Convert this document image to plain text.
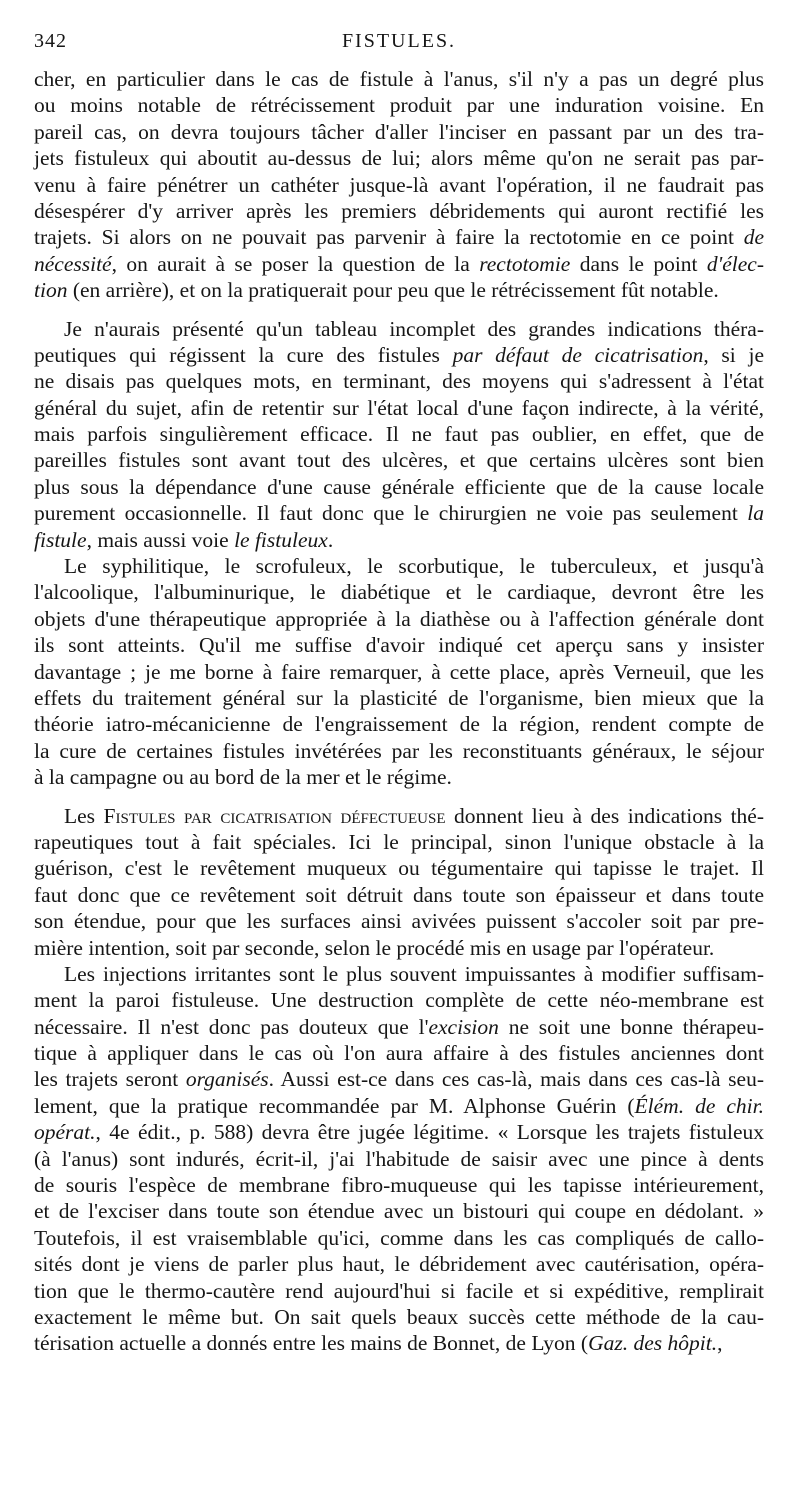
342	FISTULES.
cher, en particulier dans le cas de fistule à l'anus, s'il n'y a pas un degré plus
ou moins notable de rétrécissement produit par une induration voisine. En
pareil cas, on devra toujours tâcher d'aller l'inciser en passant par un des tra-
jets fistuleux qui aboutit au-dessus de lui; alors même qu'on ne serait pas par-
venu à faire pénétrer un cathéter jusque-là avant l'opération, il ne faudrait pas
désespérer d'y arriver après les premiers débridements qui auront rectifié les
trajets. Si alors on ne pouvait pas parvenir à faire la rectotomie en ce point de
nécessité, on aurait à se poser la question de la rectotomie dans le point d'élec-
tion (en arrière), et on la pratiquerait pour peu que le rétrécissement fût notable.
Je n'aurais présenté qu'un tableau incomplet des grandes indications théra-
peutiques qui régissent la cure des fistules par défaut de cicatrisation, si je
ne disais pas quelques mots, en terminant, des moyens qui s'adressent à l'état
général du sujet, afin de retentir sur l'état local d'une façon indirecte, à la vérité,
mais parfois singulièrement efficace. Il ne faut pas oublier, en effet, que de
pareilles fistules sont avant tout des ulcères, et que certains ulcères sont bien
plus sous la dépendance d'une cause générale efficiente que de la cause locale
purement occasionnelle. Il faut donc que le chirurgien ne voie pas seulement la
fistule, mais aussi voie le fistuleux.
Le syphilitique, le scrofuleux, le scorbutique, le tuberculeux, et jusqu'à
l'alcoolique, l'albuminurique, le diabétique et le cardiaque, devront être les
objets d'une thérapeutique appropriée à la diathèse ou à l'affection générale dont
ils sont atteints. Qu'il me suffise d'avoir indiqué cet aperçu sans y insister
davantage ; je me borne à faire remarquer, à cette place, après Verneuil, que les
effets du traitement général sur la plasticité de l'organisme, bien mieux que la
théorie iatro-mécanicienne de l'engraissement de la région, rendent compte de
la cure de certaines fistules invétérées par les reconstituants généraux, le séjour
à la campagne ou au bord de la mer et le régime.
Les Fistules par cicatrisation défectueuse donnent lieu à des indications thé-
rapeutiques tout à fait spéciales. Ici le principal, sinon l'unique obstacle à la
guérison, c'est le revêtement muqueux ou tégumentaire qui tapisse le trajet. Il
faut donc que ce revêtement soit détruit dans toute son épaisseur et dans toute
son étendue, pour que les surfaces ainsi avivées puissent s'accoler soit par pre-
mière intention, soit par seconde, selon le procédé mis en usage par l'opérateur.
Les injections irritantes sont le plus souvent impuissantes à modifier suffisam-
ment la paroi fistuleuse. Une destruction complète de cette néo-membrane est
nécessaire. Il n'est donc pas douteux que l'excision ne soit une bonne thérapeu-
tique à appliquer dans le cas où l'on aura affaire à des fistules anciennes dont
les trajets seront organisés. Aussi est-ce dans ces cas-là, mais dans ces cas-là seu-
lement, que la pratique recommandée par M. Alphonse Guérin (Élém. de chir.
opérat., 4e édit., p. 588) devra être jugée légitime. « Lorsque les trajets fistuleux
(à l'anus) sont indurés, écrit-il, j'ai l'habitude de saisir avec une pince à dents
de souris l'espèce de membrane fibro-muqueuse qui les tapisse intérieurement,
et de l'exciser dans toute son étendue avec un bistouri qui coupe en dédolant. »
Toutefois, il est vraisemblable qu'ici, comme dans les cas compliqués de callo-
sités dont je viens de parler plus haut, le débridement avec cautérisation, opéra-
tion que le thermo-cautère rend aujourd'hui si facile et si expéditive, remplirait
exactement le même but. On sait quels beaux succès cette méthode de la cau-
térisation actuelle a donnés entre les mains de Bonnet, de Lyon (Gaz. des hôpit.,
